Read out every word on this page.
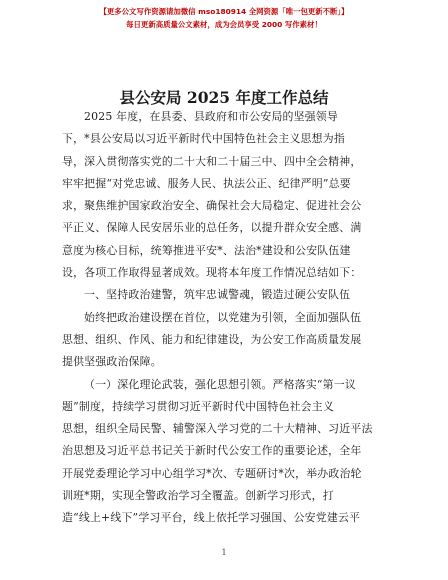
【更多公文写作资源请加微信 mso180914 全网资源「唯一包更新不断」】
每日更新高质量公文素材，成为会员享受 2000 写作素材！
县公安局 2025 年度工作总结
2025 年度，在县委、县政府和市公安局的坚强领导
下，*县公安局以习近平新时代中国特色社会主义思想为指
导，深入贯彻落实党的二十大和二十届三中、四中全会精神，
牢牢把握“对党忠诚、服务人民、执法公正、纪律严明”总要
求，聚焦维护国家政治安全、确保社会大局稳定、促进社会公
平正义、保障人民安居乐业的总任务，以提升群众安全感、满
意度为核心目标，统筹推进平安*、法治*建设和公安队伍建
设，各项工作取得显著成效。现将本年度工作情况总结如下：
一、坚持政治建警，筑牢忠诚警魂，锻造过硬公安队伍
始终把政治建设摆在首位，以党建为引领，全面加强队伍
思想、组织、作风、能力和纪律建设，为公安工作高质量发展
提供坚强政治保障。
（一）深化理论武装，强化思想引领。严格落实“第一议
题”制度，持续学习贯彻习近平新时代中国特色社会主义
思想，组织全局民警、辅警深入学习党的二十大精神、习近平法
治思想及习近平总书记关于新时代公安工作的重要论述，全年
开展党委理论学习中心组学习*次、专题研讨*次，举办政治轮
训班*期，实现全警政治学习全覆盖。创新学习形式，打
造“线上+线下”学习平台，线上依托学习强国、公安党建云平
1
